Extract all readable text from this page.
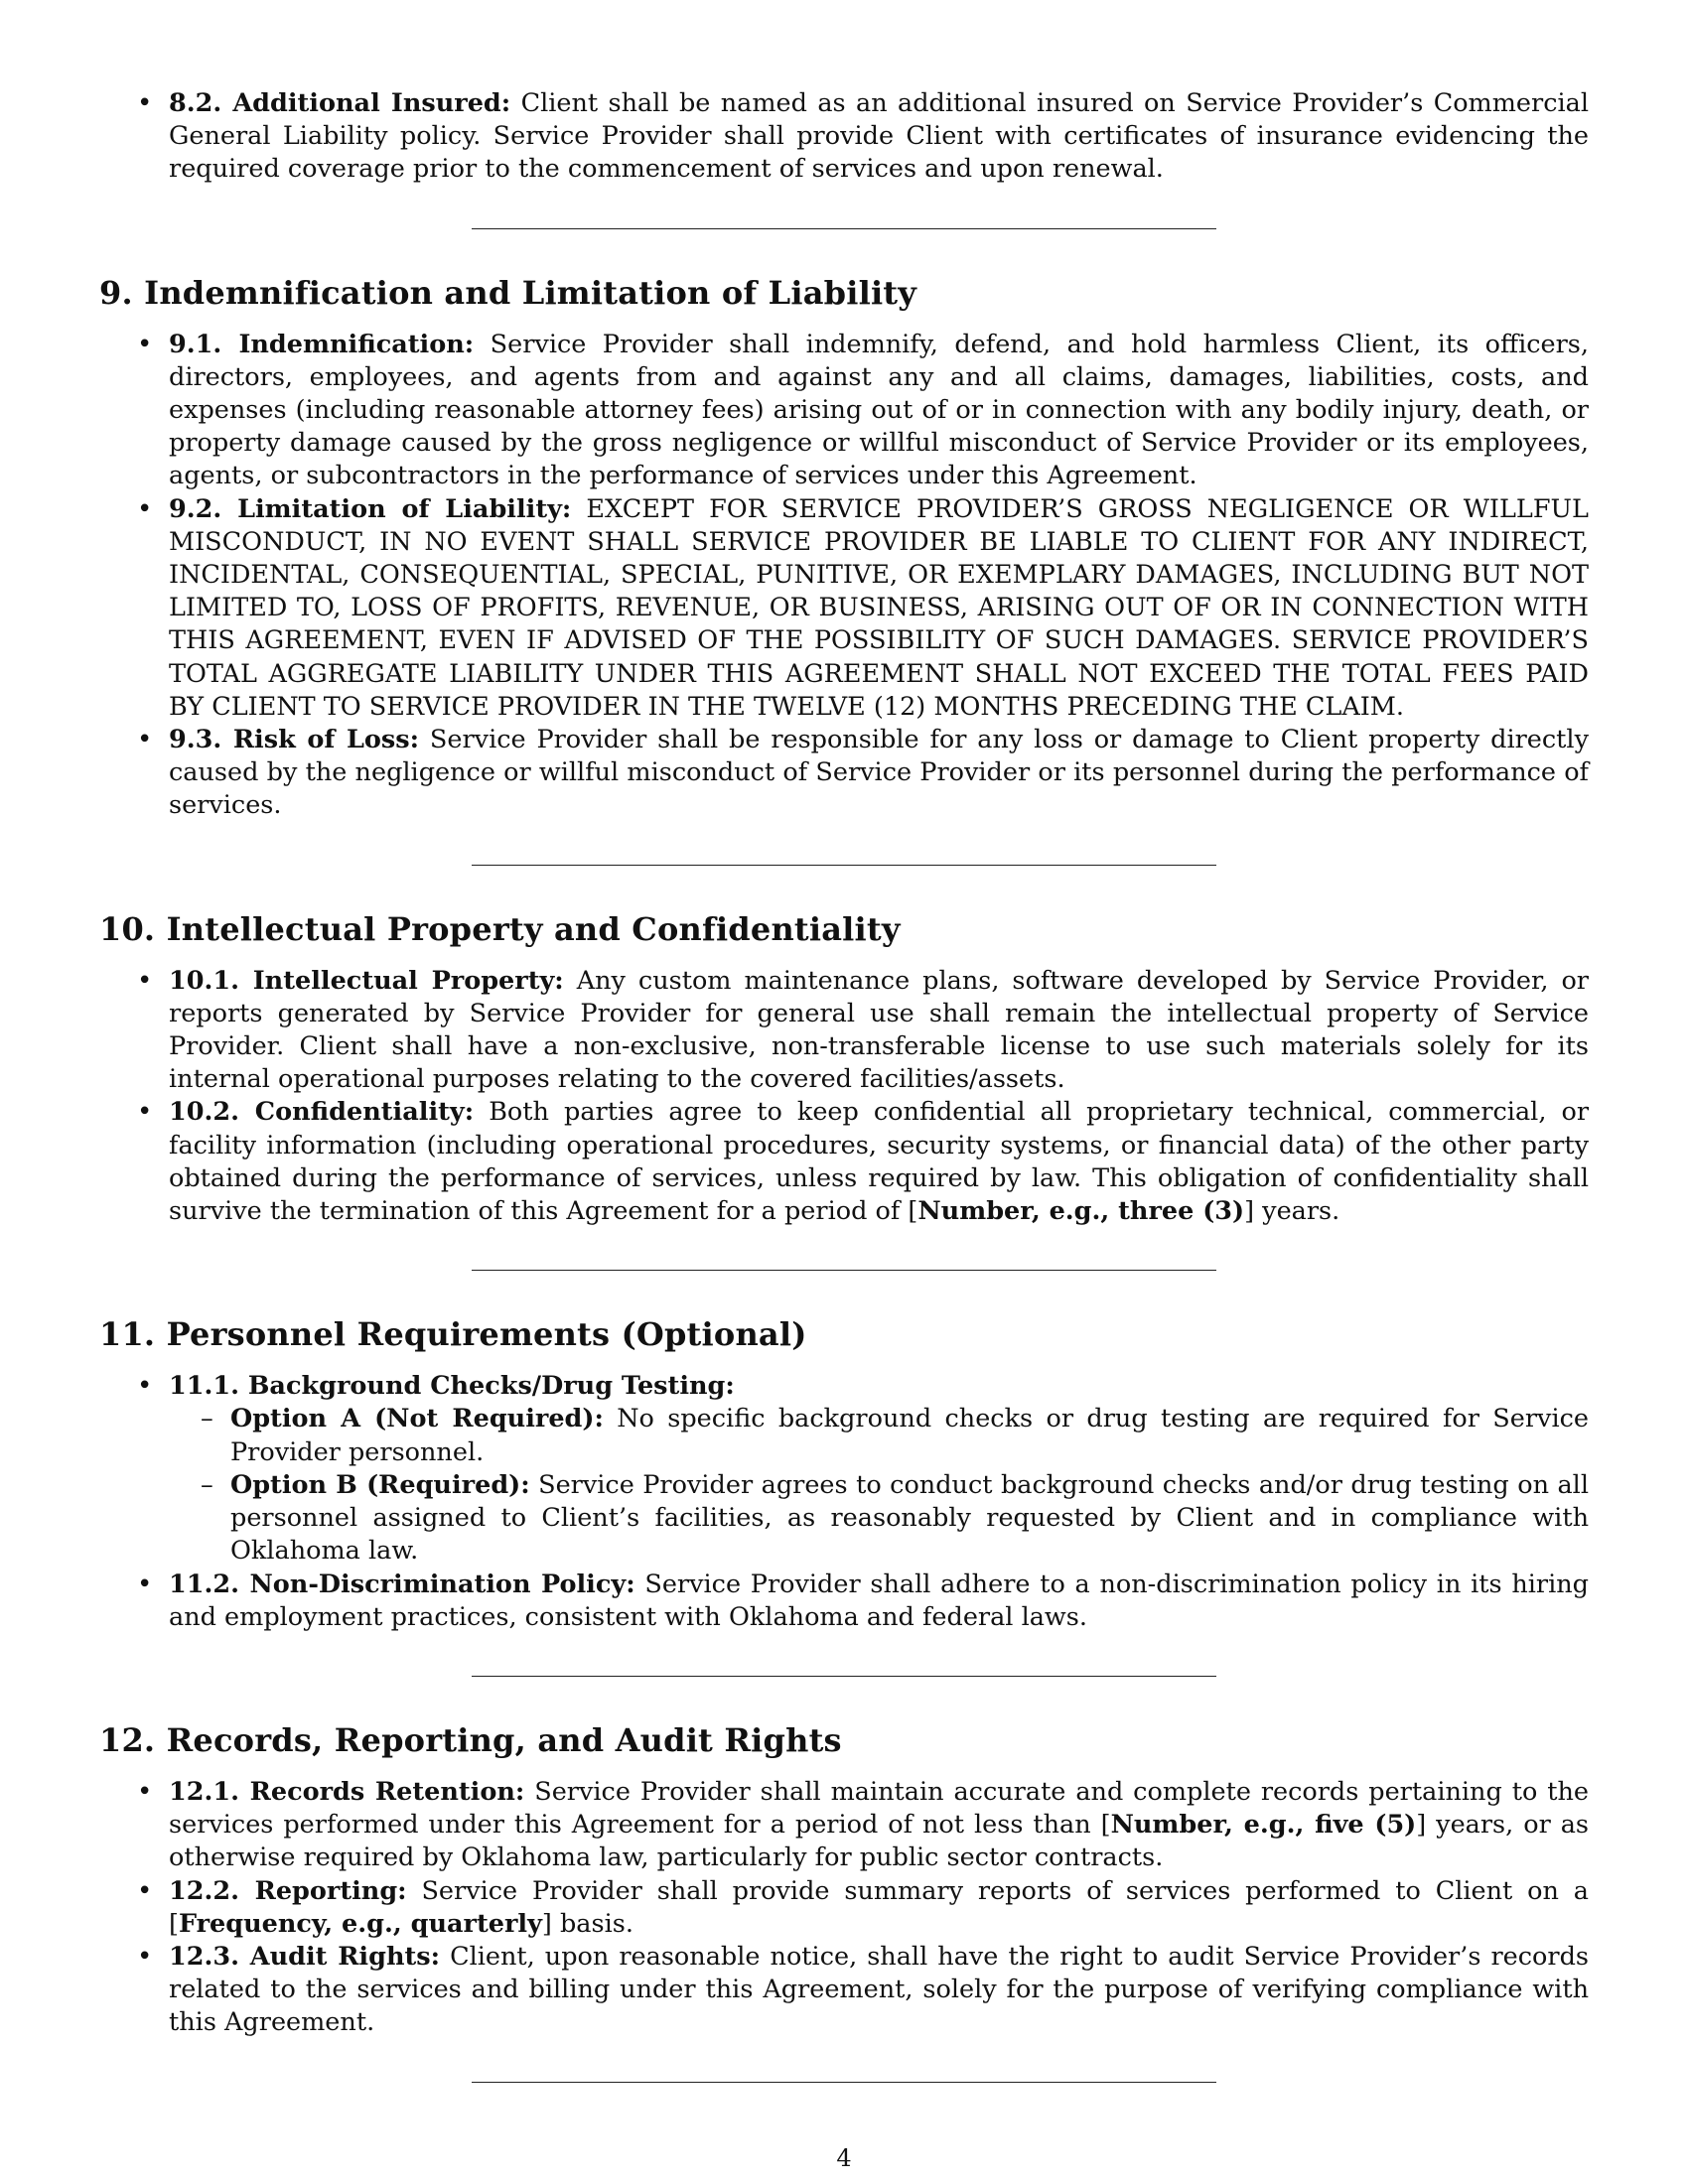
• 8.2. Additional Insured: Client shall be named as an additional insured on Service Provider’s Commercial General Liability policy. Service Provider shall provide Client with certificates of insurance evidencing the required coverage prior to the commencement of services and upon renewal.
9. Indemnification and Limitation of Liability
• 9.1. Indemnification: Service Provider shall indemnify, defend, and hold harmless Client, its officers, directors, employees, and agents from and against any and all claims, damages, liabilities, costs, and expenses (including reasonable attorney fees) arising out of or in connection with any bodily injury, death, or property damage caused by the gross negligence or willful misconduct of Service Provider or its employees, agents, or subcontractors in the performance of services under this Agreement.
• 9.2. Limitation of Liability: EXCEPT FOR SERVICE PROVIDER’S GROSS NEGLIGENCE OR WILLFUL MISCONDUCT, IN NO EVENT SHALL SERVICE PROVIDER BE LIABLE TO CLIENT FOR ANY INDIRECT, INCIDENTAL, CONSEQUENTIAL, SPECIAL, PUNITIVE, OR EXEMPLARY DAMAGES, INCLUDING BUT NOT LIMITED TO, LOSS OF PROFITS, REVENUE, OR BUSINESS, ARISING OUT OF OR IN CONNECTION WITH THIS AGREEMENT, EVEN IF ADVISED OF THE POSSIBILITY OF SUCH DAMAGES. SERVICE PROVIDER’S TOTAL AGGREGATE LIABILITY UNDER THIS AGREEMENT SHALL NOT EXCEED THE TOTAL FEES PAID BY CLIENT TO SERVICE PROVIDER IN THE TWELVE (12) MONTHS PRECEDING THE CLAIM.
• 9.3. Risk of Loss: Service Provider shall be responsible for any loss or damage to Client property directly caused by the negligence or willful misconduct of Service Provider or its personnel during the performance of services.
10. Intellectual Property and Confidentiality
• 10.1. Intellectual Property: Any custom maintenance plans, software developed by Service Provider, or reports generated by Service Provider for general use shall remain the intellectual property of Service Provider. Client shall have a non-exclusive, non-transferable license to use such materials solely for its internal operational purposes relating to the covered facilities/assets.
• 10.2. Confidentiality: Both parties agree to keep confidential all proprietary technical, commercial, or facility information (including operational procedures, security systems, or financial data) of the other party obtained during the performance of services, unless required by law. This obligation of confidentiality shall survive the termination of this Agreement for a period of [Number, e.g., three (3)] years.
11. Personnel Requirements (Optional)
• 11.1. Background Checks/Drug Testing:
– Option A (Not Required): No specific background checks or drug testing are required for Service Provider personnel.
– Option B (Required): Service Provider agrees to conduct background checks and/or drug testing on all personnel assigned to Client’s facilities, as reasonably requested by Client and in compliance with Oklahoma law.
• 11.2. Non-Discrimination Policy: Service Provider shall adhere to a non-discrimination policy in its hiring and employment practices, consistent with Oklahoma and federal laws.
12. Records, Reporting, and Audit Rights
• 12.1. Records Retention: Service Provider shall maintain accurate and complete records pertaining to the services performed under this Agreement for a period of not less than [Number, e.g., five (5)] years, or as otherwise required by Oklahoma law, particularly for public sector contracts.
• 12.2. Reporting: Service Provider shall provide summary reports of services performed to Client on a [Frequency, e.g., quarterly] basis.
• 12.3. Audit Rights: Client, upon reasonable notice, shall have the right to audit Service Provider’s records related to the services and billing under this Agreement, solely for the purpose of verifying compliance with this Agreement.
4
